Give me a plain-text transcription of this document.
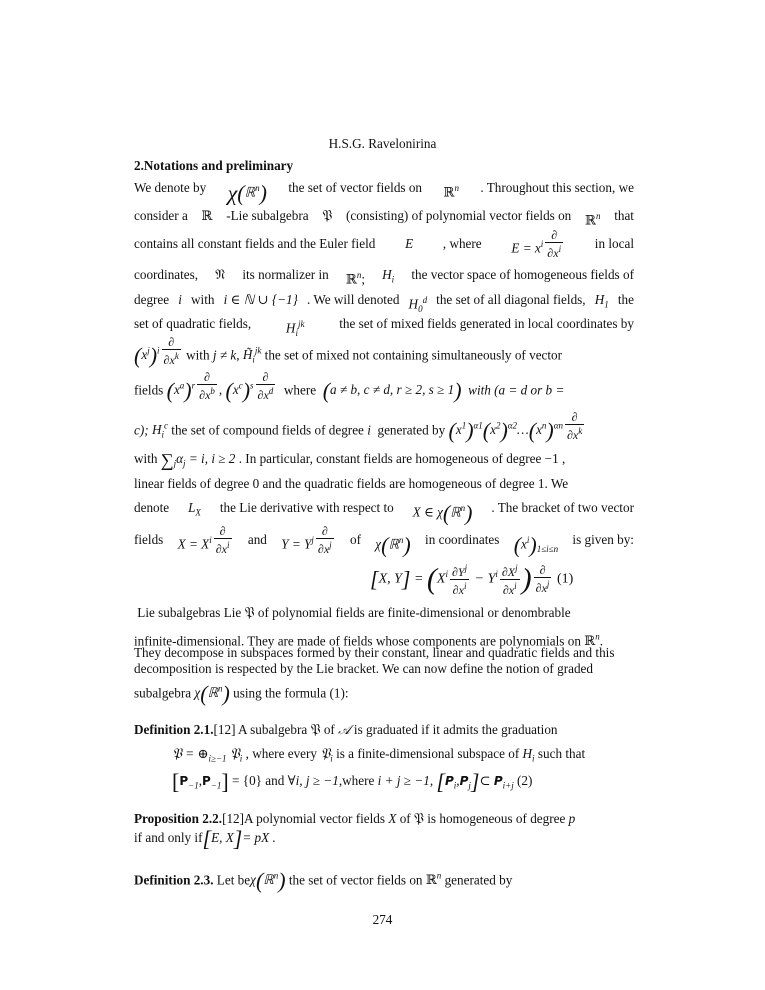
H.S.G. Ravelonirina
2.Notations and preliminary
We denote by χ(ℝ$^n$) the set of vector fields on ℝ$^n$ . Throughout this section, we
consider a ℝ -Lie subalgebra 𝔓 (consisting) of polynomial vector fields on ℝ$^n$ that
contains all constant fields and the Euler field E , where $E = x^i \frac{\partial}{\partial x^i}$ in local
coordinates, 𝔑 its normalizer in ℝ$^n$; $H_i$ the vector space of homogeneous fields of
degree i with i ∈ ℕ ∪ {−1} . We will denoted $H_0^d$ the set of all diagonal fields, $H_1$ the
set of quadratic fields,	$H_i^{jk}$	the set of mixed fields generated in local coordinates by
$(x^j)^i \frac{\partial}{\partial x^k}$ with j ≠ k, $H̃_i^{jk}$ the set of mixed not containing simultaneously of vector
fields $(x^a)^r \frac{\partial}{\partial x^b}$ , $(x^c)^s \frac{\partial}{\partial x^d}$ where (a ≠ b, c ≠ d, r ≥ 2, s ≥ 1) with (a = d or b =
c); $H_i^c$ the set of compound fields of degree i generated by $(x^1)^{\alpha 1}(x^2)^{\alpha 2}\dots(x^n)^{\alpha n} \frac{\partial}{\partial x^k}$
with $\sum_j\alpha_j = i$, i ≥ 2 . In particular, constant fields are homogeneous of degree −1 ,
linear fields of degree 0 and the quadratic fields are homogeneous of degree 1. We
denote $L_X$ the Lie derivative with respect to X ∈ χ(ℝ$^n$) . The bracket of two vector
fields $X = X^i \frac{\partial}{\partial x^i}$ and $Y = Y^j \frac{\partial}{\partial x^j}$ of χ(ℝ$^n$) in coordinates $(x^i)_{1\le i\le n}$
is given by:
[X, $Y] = (X^i \frac{\partial Y^j}{\partial x^i} - Y^i \frac{\partial X^j}{\partial x^i}$ ) $\frac{\partial}{\partial x^j} (1)$
Lie subalgebras Lie 𝔓 of polynomial fields are finite-dimensional or denombrable
infinite-dimensional. They are made of fields whose components are polynomials on ℝ$^n$.
They decompose in subspaces formed by their constant, linear and quadratic fields and this
decomposition is respected by the Lie bracket. We can now define the notion of graded
subalgebra χ(ℝ$^n$) using the formula (1):
Definition 2.1.[12] A subalgebra 𝔓 of 𝒜 is graduated if it admits the graduation
𝔓 = $\oplus_{i\ge-1}$ 𝔓$_i$ , where every 𝔓$_i$ is a finite-dimensional subspace of $H_i$ such that
$[P_{-1},P_{-1}] = \{0\}$ and ∀i, j ≥ −1,where i + j ≥ −1, $[P_i,P_j]\subset$ $P_{i+j}$ (2)
Proposition 2.2.[12]A polynomial vector fields X of 𝔓 is homogeneous of degree p
if and only if[E, X]= pX .
Definition 2.3. Let beχ(ℝ$^n$) the set of vector fields on ℝ$^n$ generated by
274
